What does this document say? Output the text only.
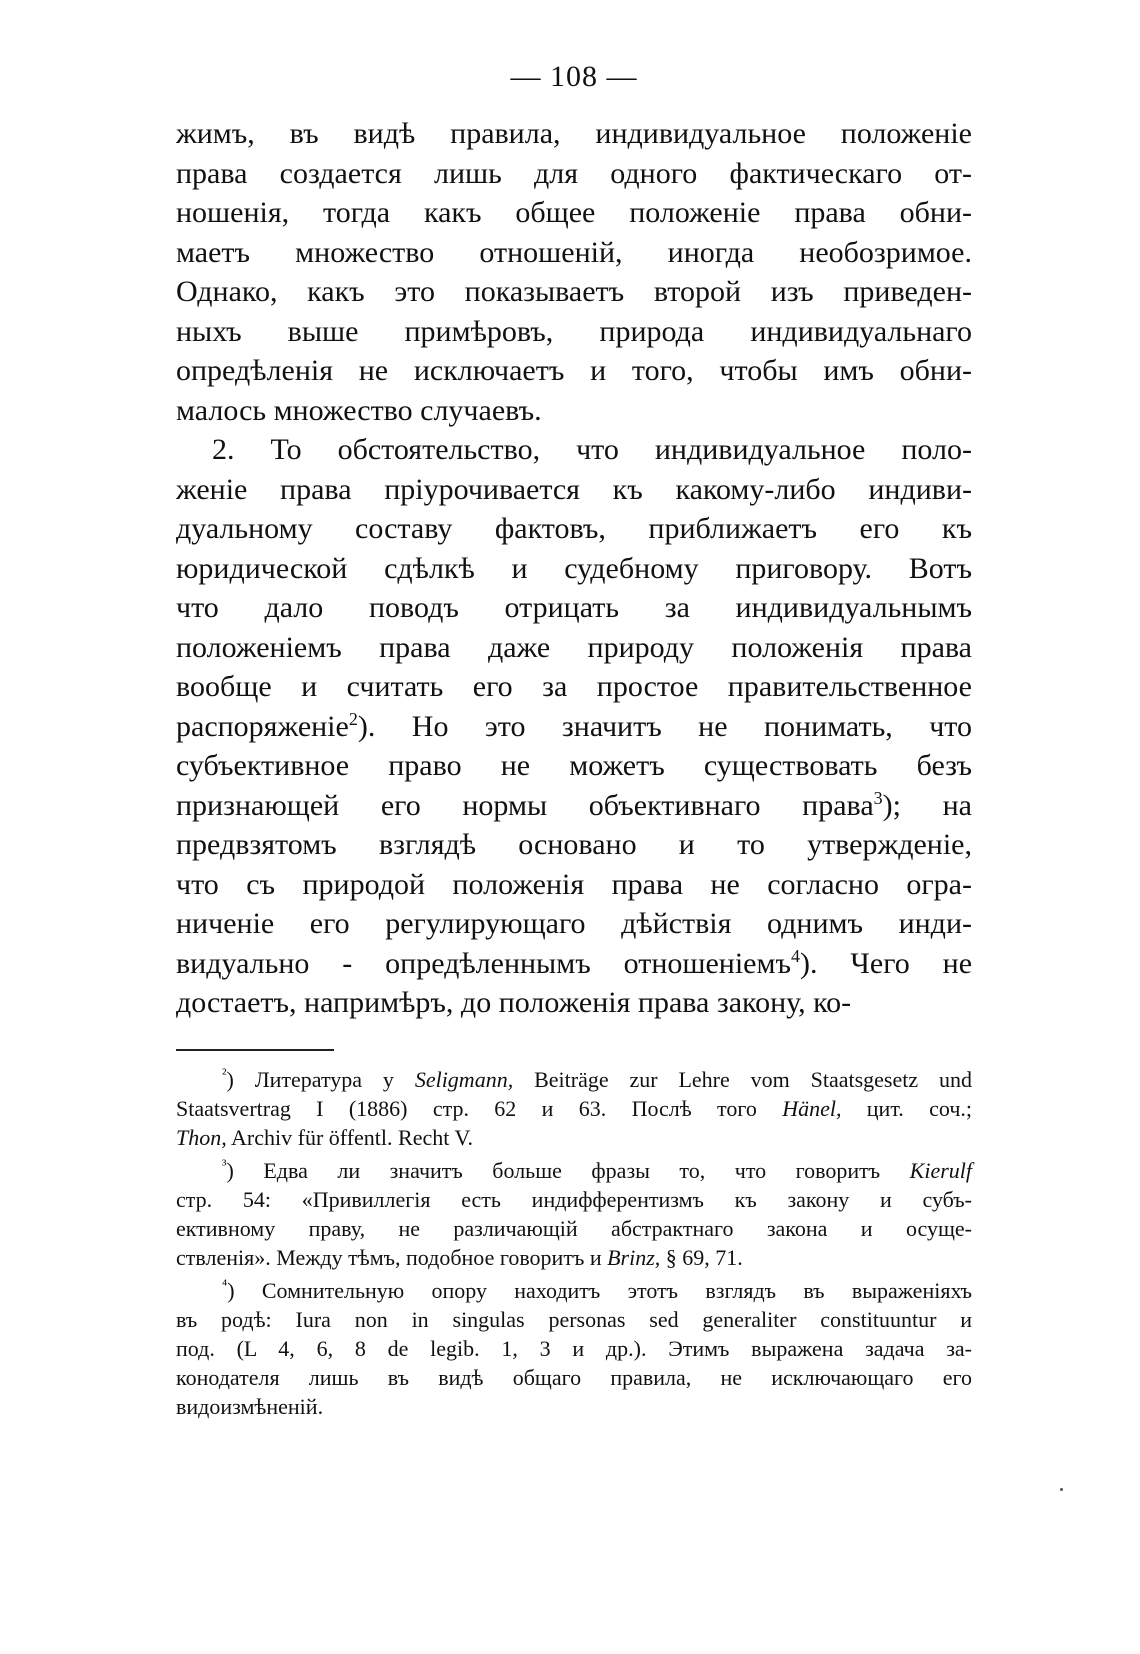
— 108 —
жимъ, въ видѣ правила, индивидуальное положеніе
права создается лишь для одного фактическаго от-
ношенія, тогда какъ общее положеніе права обни-
маетъ множество отношеній, иногда необозримое.
Однако, какъ это показываетъ второй изъ приведен-
ныхъ выше примѣровъ, природа индивидуальнаго
опредѣленія не исключаетъ и того, чтобы имъ обни-
малось множество случаевъ.
2. То обстоятельство, что индивидуальное поло-
женіе права пріурочивается къ какому-либо индиви-
дуальному составу фактовъ, приближаетъ его къ
юридической сдѣлкѣ и судебному приговору. Вотъ
что дало поводъ отрицать за индивидуальнымъ
положеніемъ права даже природу положенія права
вообще и считать его за простое правительственное
распоряженіе$^2$). Но это значитъ не понимать, что
субъективное право не можетъ существовать безъ
признающей его нормы объективнаго права$^3$); на
предвзятомъ взглядѣ основано и то утвержденіе,
что съ природой положенія права не согласно огра-
ниченіе его регулирующаго дѣйствія однимъ инди-
видуально - опредѣленнымъ отношеніемъ$^4$). Чего не
достаетъ, напримѣръ, до положенія права закону, ко-
$^{^2}$) Литература у Seligmann, Beiträge zur Lehre vom Staatsgesetz und
Staatsvertrag I (1886) стр. 62 и 63. Послѣ того Hänel, цит. соч.;
Thon, Archiv für öffentl. Recht V.
$^{^3}$) Едва ли значитъ больше фразы то, что говоритъ Kierulf
стр. 54: «Привиллегія есть индифферентизмъ къ закону и субъ-
ективному праву, не различающій абстрактнаго закона и осуще-
ствленія». Между тѣмъ, подобное говоритъ и Brinz, § 69, 71.
$^{^4}$) Сомнительную опору находитъ этотъ взглядъ въ выраженіяхъ
въ родѣ: Iura non in singulas personas sed generaliter constituuntur и
под. (L 4, 6, 8 de legib. 1, 3 и др.). Этимъ выражена задача за-
конодателя лишь въ видѣ общаго правила, не исключающаго его
видоизмѣненій.
